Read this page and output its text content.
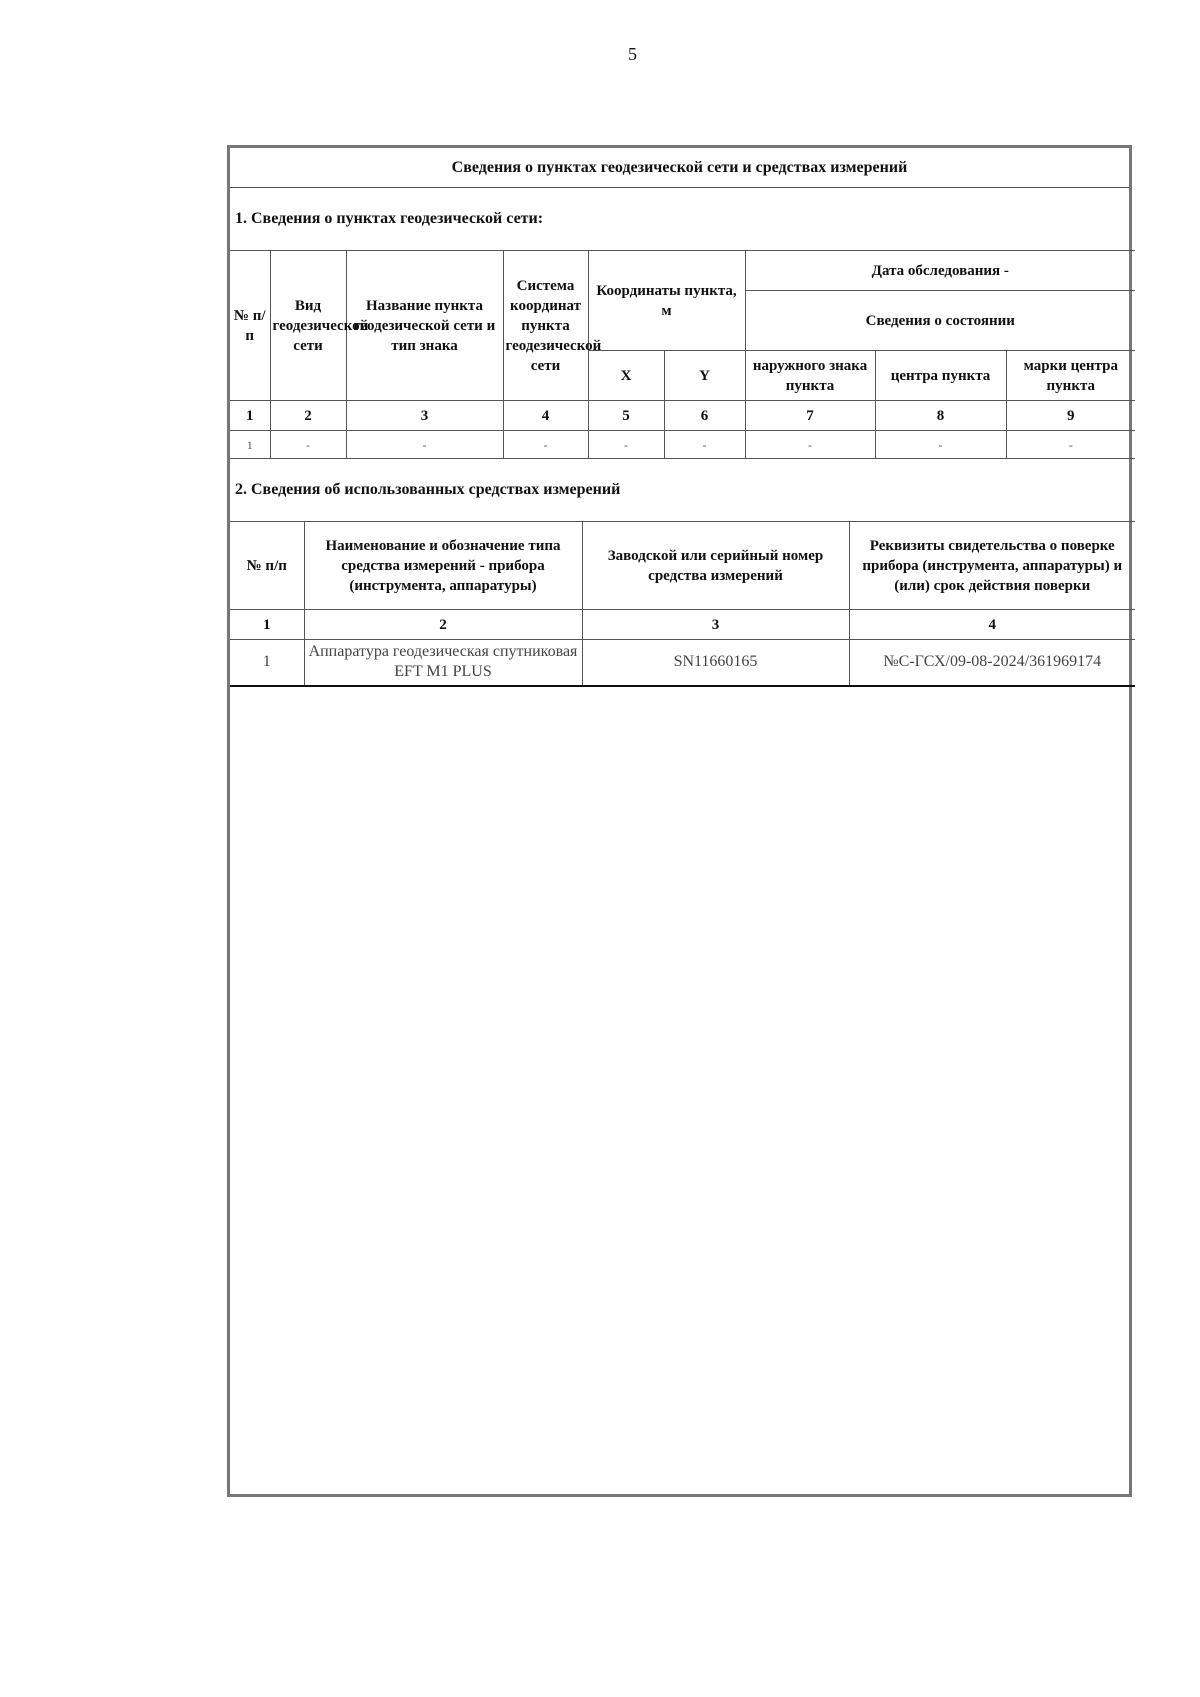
5
Сведения о пунктах геодезической сети и средствах измерений
1. Сведения о пунктах геодезической сети:
№ п/п	Вид геодезической сети	Название пункта геодезической сети и тип знака	Система координат пункта геодезической сети	Координаты пункта, м		Дата обследования -		
						Сведения о состоянии		
				X	Y	наружного знака пункта	центра пункта	марки центра пункта
1	2	3	4	5	6	7	8	9
1	-	-	-	-	-	-	-	-
2. Сведения об использованных средствах измерений
№ п/п	Наименование и обозначение типа средства измерений - прибора (инструмента, аппаратуры)	Заводской или серийный номер средства измерений	Реквизиты свидетельства о поверке прибора (инструмента, аппаратуры) и (или) срок действия поверки
1	2	3	4
1	Аппаратура геодезическая спутниковая EFT M1 PLUS	SN11660165	№С-ГСХ/09-08-2024/361969174
